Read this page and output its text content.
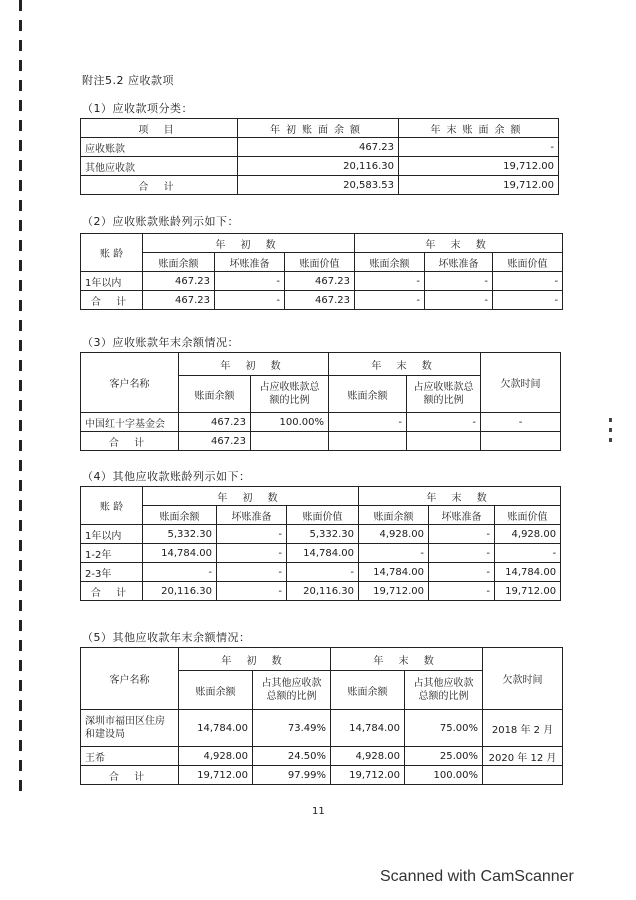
附注5.2 应收款项
（1）应收款项分类：
项 目	年初账面余额	年末账面余额
应收账款	467.23	-
其他应收款	20,116.30	19,712.00
合 计	20,583.53	19,712.00
（2）应收账款账龄列示如下：
账 龄	年 初 数			年 末 数		
	账面余额	坏账准备	账面价值	账面余额	坏账准备	账面价值
1年以内	467.23	-	467.23	-	-	-
合 计	467.23	-	467.23	-	-	-
（3）应收账款年末余额情况：
客户名称	年 初 数		年 末 数		欠款时间
	账面余额	占应收账款总额的比例	账面余额	占应收账款总额的比例	
中国红十字基金会	467.23	100.00%	-	-	-
合 计	467.23				
（4）其他应收款账龄列示如下：
账 龄	年 初 数			年 末 数		
	账面余额	坏账准备	账面价值	账面余额	坏账准备	账面价值
1年以内	5,332.30	-	5,332.30	4,928.00	-	4,928.00
1-2年	14,784.00	-	14,784.00	-	-	-
2-3年	-	-	-	14,784.00	-	14,784.00
合 计	20,116.30	-	20,116.30	19,712.00	-	19,712.00
（5）其他应收款年末余额情况：
客户名称	年 初 数		年 末 数		欠款时间
	账面余额	占其他应收款总额的比例	账面余额	占其他应收款总额的比例	
深圳市福田区住房和建设局	14,784.00	73.49%	14,784.00	75.00%	2018 年 2 月
王希	4,928.00	24.50%	4,928.00	25.00%	2020 年 12 月
合 计	19,712.00	97.99%	19,712.00	100.00%	
11
Scanned with CamScanner
